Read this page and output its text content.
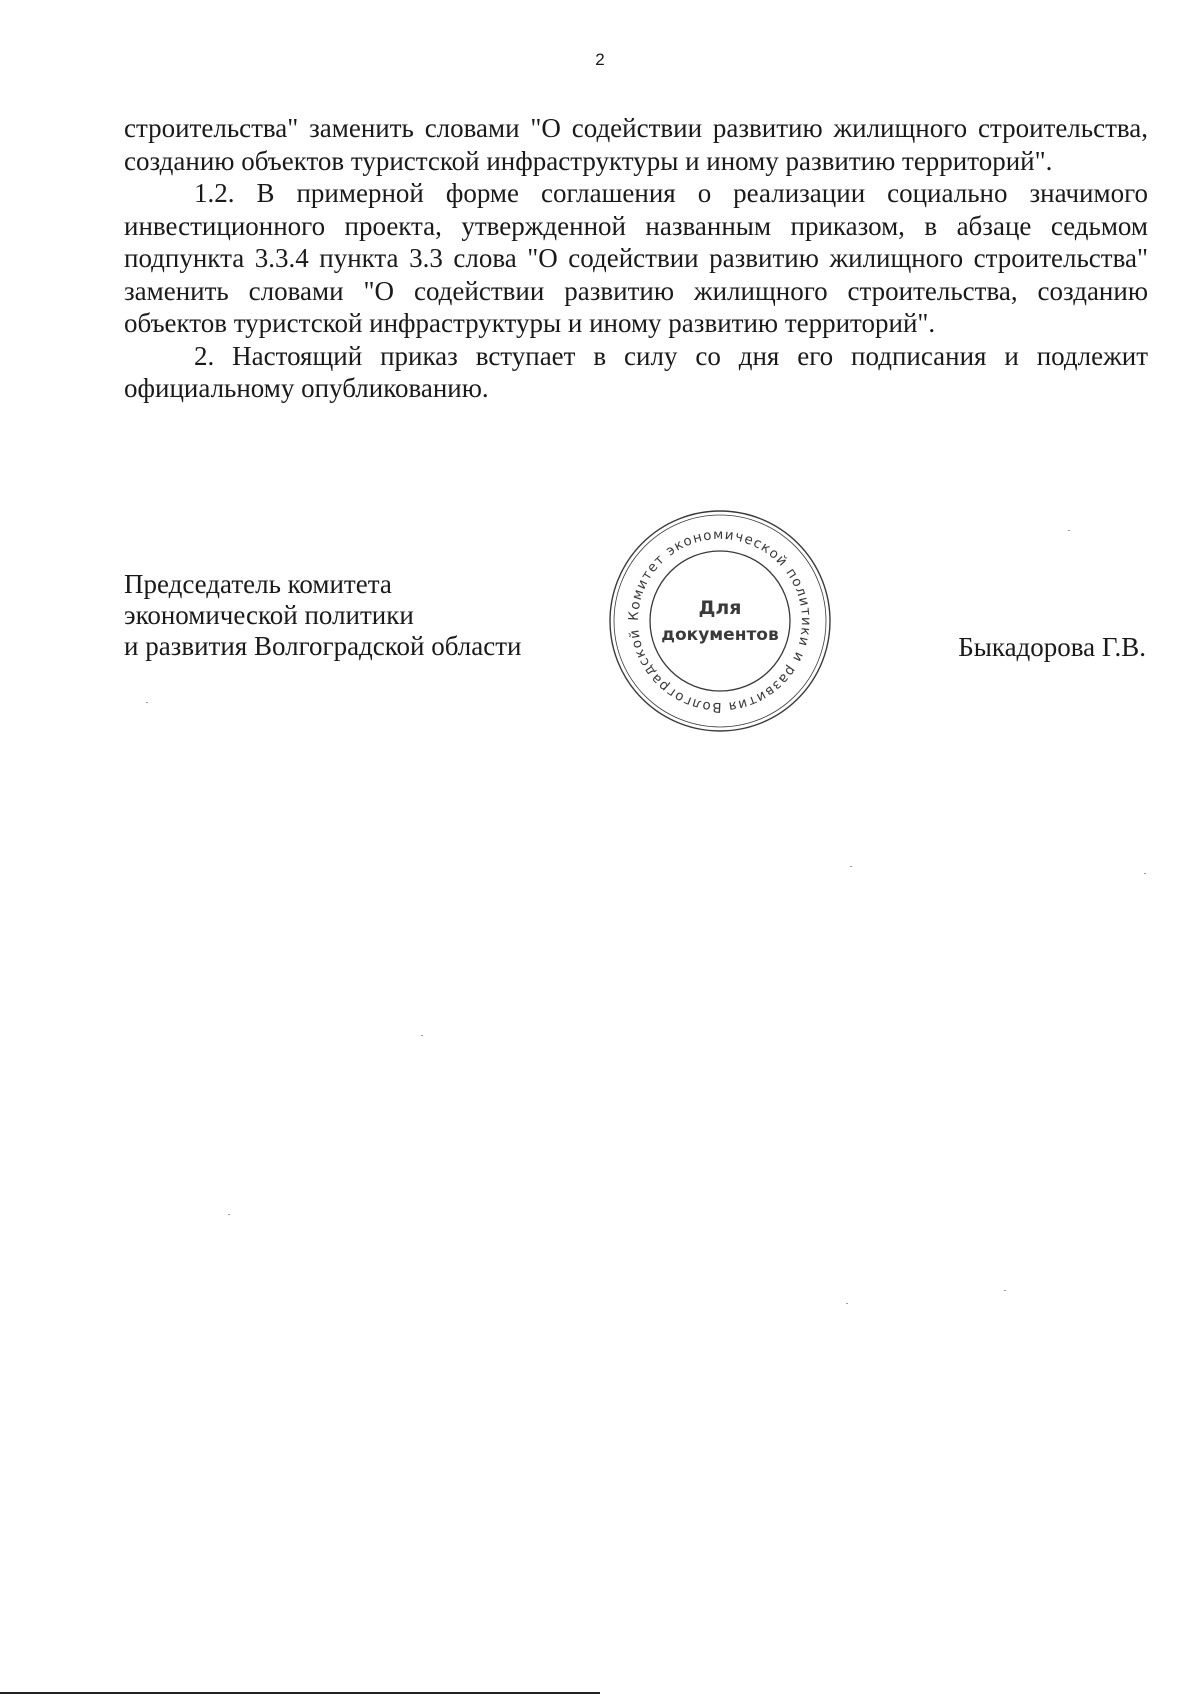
2

строительства" заменить словами "О содействии развитию жилищного строительства, созданию объектов туристской инфраструктуры и иному развитию территорий".

1.2. В примерной форме соглашения о реализации социально значимого инвестиционного проекта, утвержденной названным приказом, в абзаце седьмом подпункта 3.3.4 пункта 3.3 слова "О содействии развитию жилищного строительства" заменить словами "О содействии развитию жилищного строительства, созданию объектов туристской инфраструктуры и иному развитию территорий".

2. Настоящий приказ вступает в силу со дня его подписания и подлежит официальному опубликованию.

Председатель комитета
экономической политики
и развития Волгоградской области
Комитет экономической политики и развития Волгоградской
Для
документов	Быкадорова Г.В.
